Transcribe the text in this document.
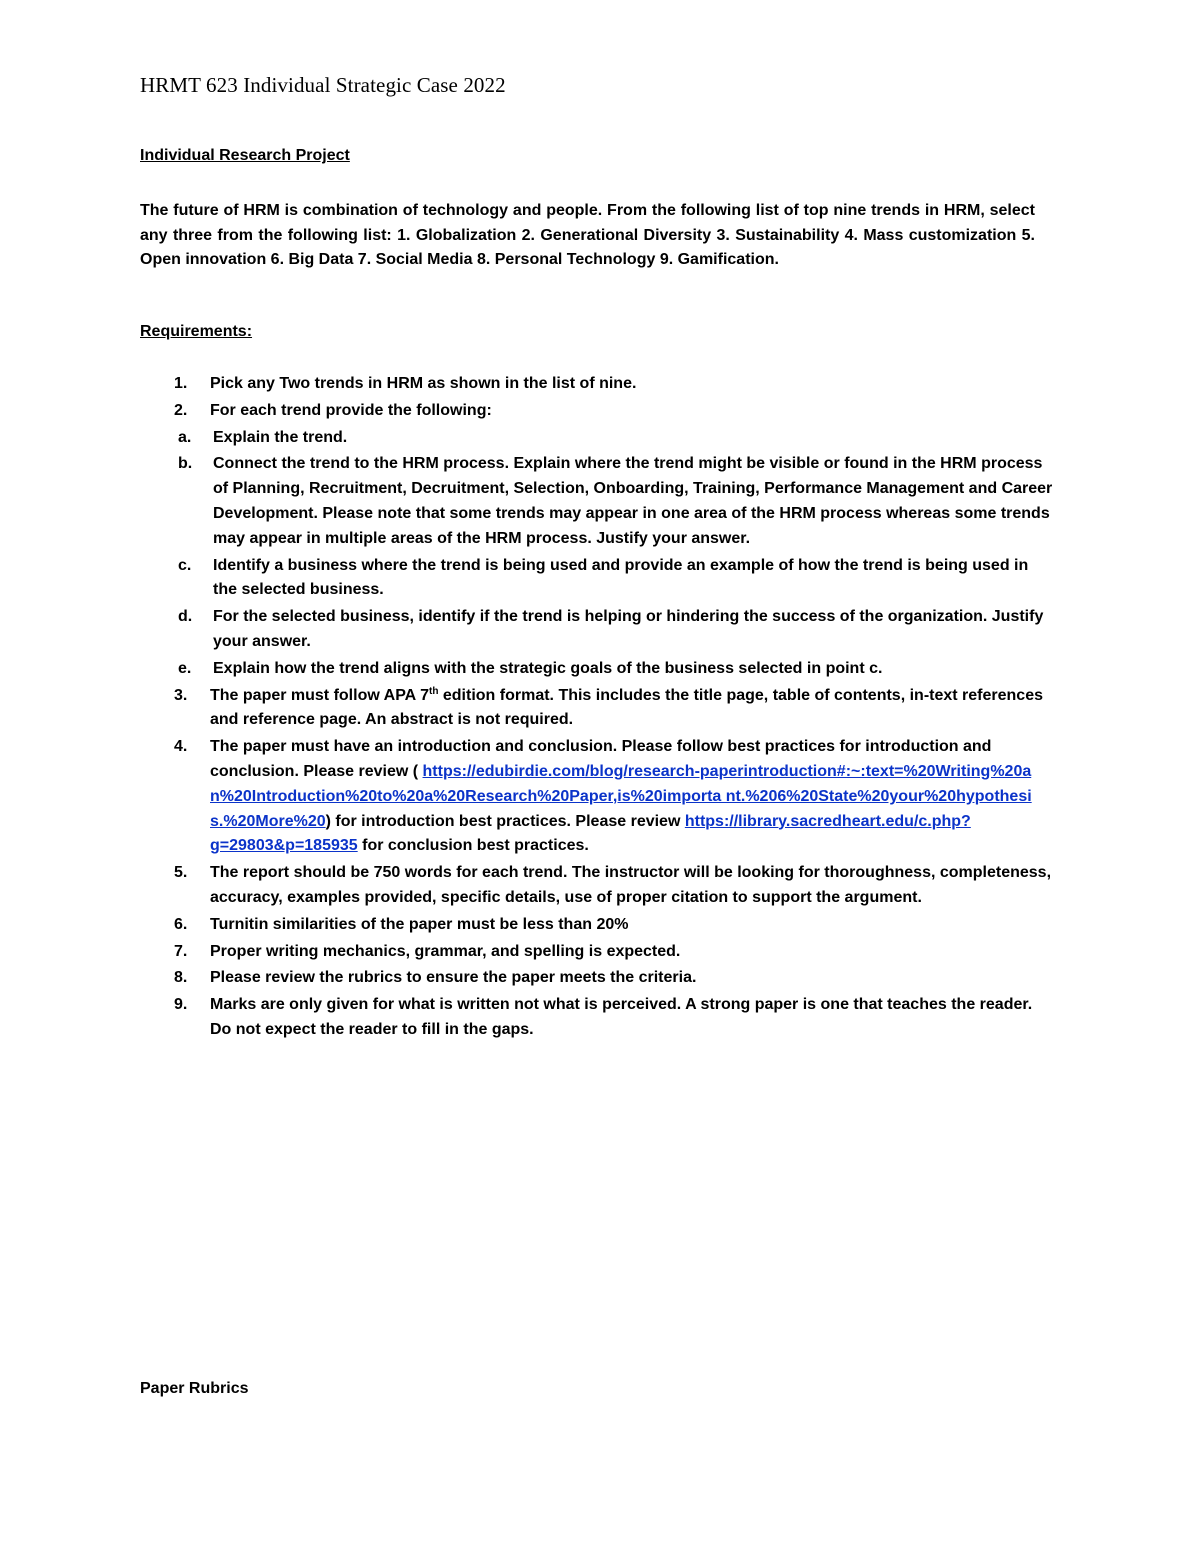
HRMT 623 Individual Strategic Case 2022
Individual Research Project
The future of HRM is combination of technology and people. From the following list of top nine trends in HRM, select any three from the following list: 1. Globalization 2. Generational Diversity 3. Sustainability 4. Mass customization 5. Open innovation 6. Big Data 7. Social Media 8. Personal Technology 9. Gamification.
Requirements:
1. Pick any Two trends in HRM as shown in the list of nine.
2. For each trend provide the following:
a. Explain the trend.
b. Connect the trend to the HRM process. Explain where the trend might be visible or found in the HRM process of Planning, Recruitment, Decruitment, Selection, Onboarding, Training, Performance Management and Career Development. Please note that some trends may appear in one area of the HRM process whereas some trends may appear in multiple areas of the HRM process. Justify your answer.
c. Identify a business where the trend is being used and provide an example of how the trend is being used in the selected business.
d. For the selected business, identify if the trend is helping or hindering the success of the organization. Justify your answer.
e. Explain how the trend aligns with the strategic goals of the business selected in point c.
3. The paper must follow APA 7th edition format. This includes the title page, table of contents, in-text references and reference page. An abstract is not required.
4. The paper must have an introduction and conclusion. Please follow best practices for introduction and conclusion. Please review ( https://edubirdie.com/blog/research-paperintroduction#:~:text=%20Writing%20an%20Introduction%20to%20a%20Research%20Paper,is%20importa nt.%206%20State%20your%20hypothesis.%20More%20) for introduction best practices. Please review https://library.sacredheart.edu/c.php?g=29803&p=185935 for conclusion best practices.
5. The report should be 750 words for each trend. The instructor will be looking for thoroughness, completeness, accuracy, examples provided, specific details, use of proper citation to support the argument.
6. Turnitin similarities of the paper must be less than 20%
7. Proper writing mechanics, grammar, and spelling is expected.
8. Please review the rubrics to ensure the paper meets the criteria.
9. Marks are only given for what is written not what is perceived. A strong paper is one that teaches the reader. Do not expect the reader to fill in the gaps.
Paper Rubrics
